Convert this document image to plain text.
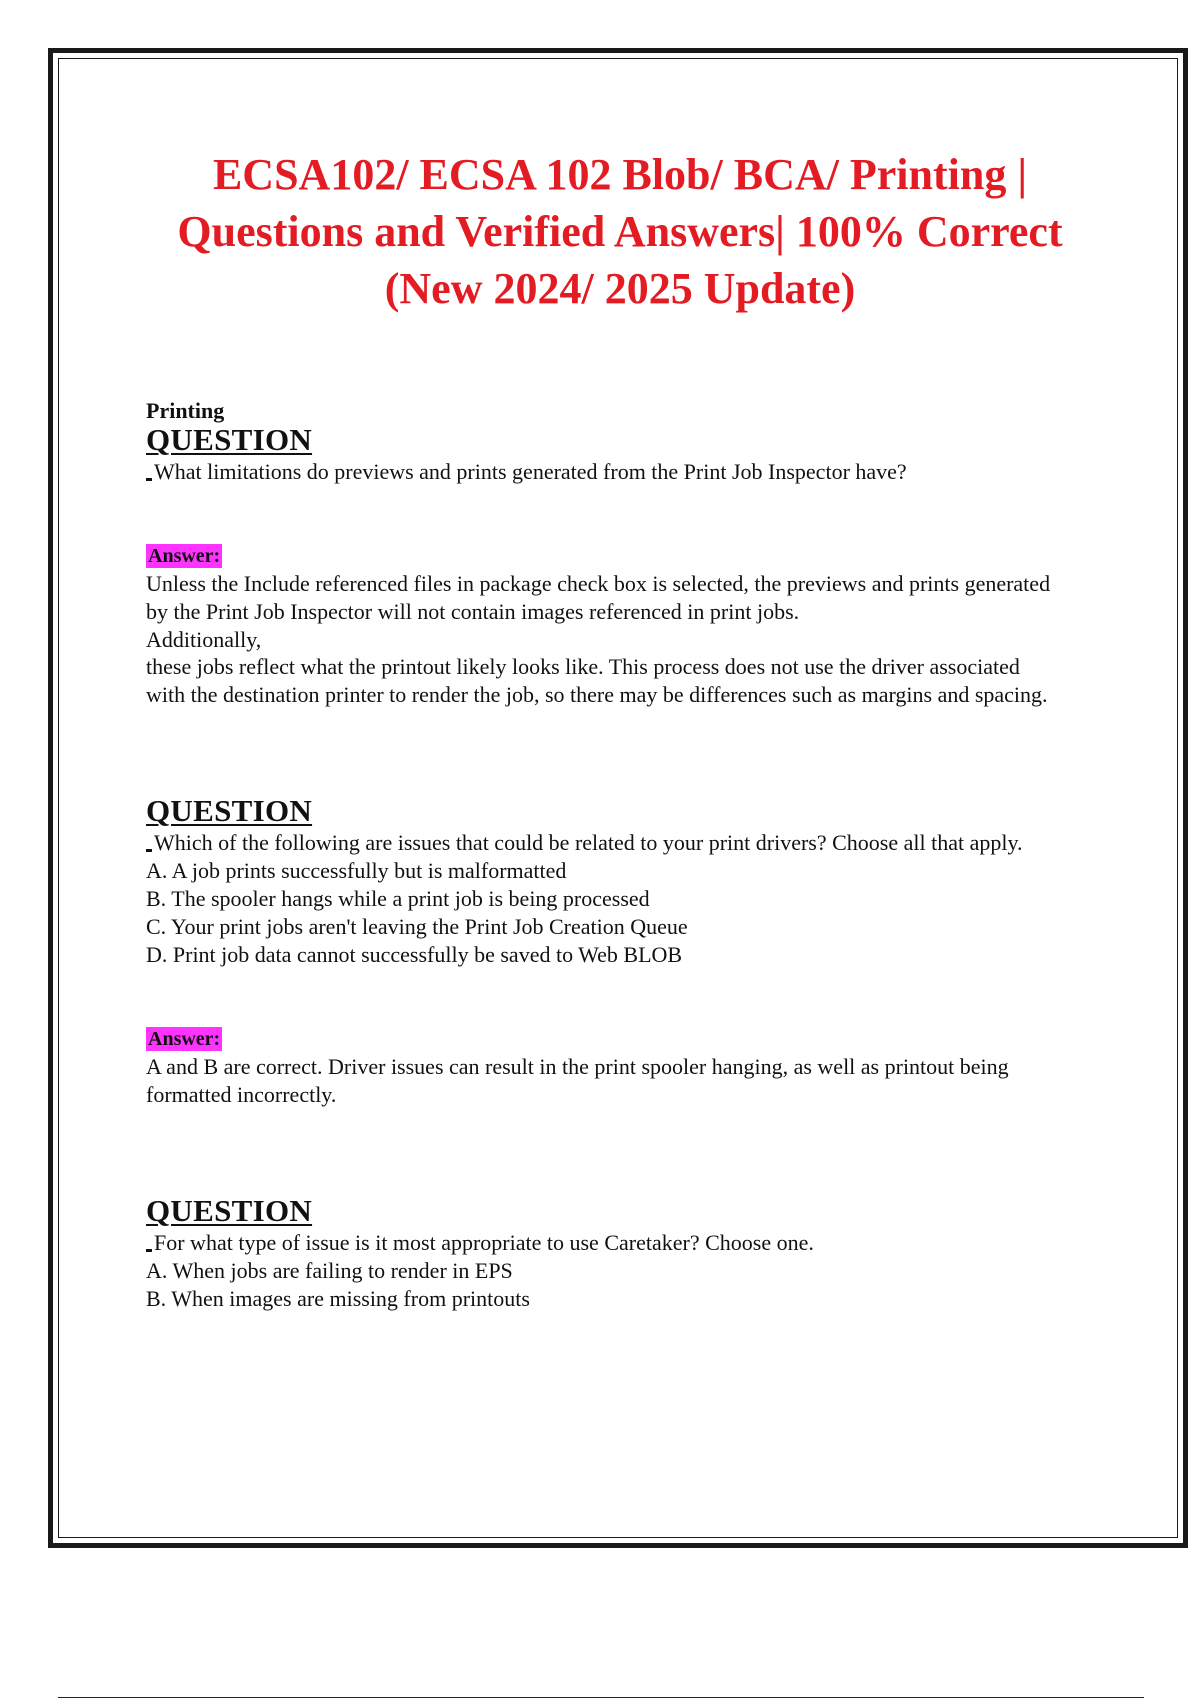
ECSA102/ ECSA 102 Blob/ BCA/ Printing | Questions and Verified Answers| 100% Correct (New 2024/ 2025 Update)
Printing
QUESTION
What limitations do previews and prints generated from the Print Job Inspector have?
Answer:

Unless the Include referenced files in package check box is selected, the previews and prints generated by the Print Job Inspector will not contain images referenced in print jobs.

Additionally,

these jobs reflect what the printout likely looks like. This process does not use the driver associated

with the destination printer to render the job, so there may be differences such as margins and spacing.

QUESTION
Which of the following are issues that could be related to your print drivers? Choose all that apply.
A. A job prints successfully but is malformatted
B. The spooler hangs while a print job is being processed
C. Your print jobs aren't leaving the Print Job Creation Queue
D. Print job data cannot successfully be saved to Web BLOB
Answer:

A and B are correct. Driver issues can result in the print spooler hanging, as well as printout being

formatted incorrectly.

QUESTION
For what type of issue is it most appropriate to use Caretaker? Choose one.
A. When jobs are failing to render in EPS
B. When images are missing from printouts
